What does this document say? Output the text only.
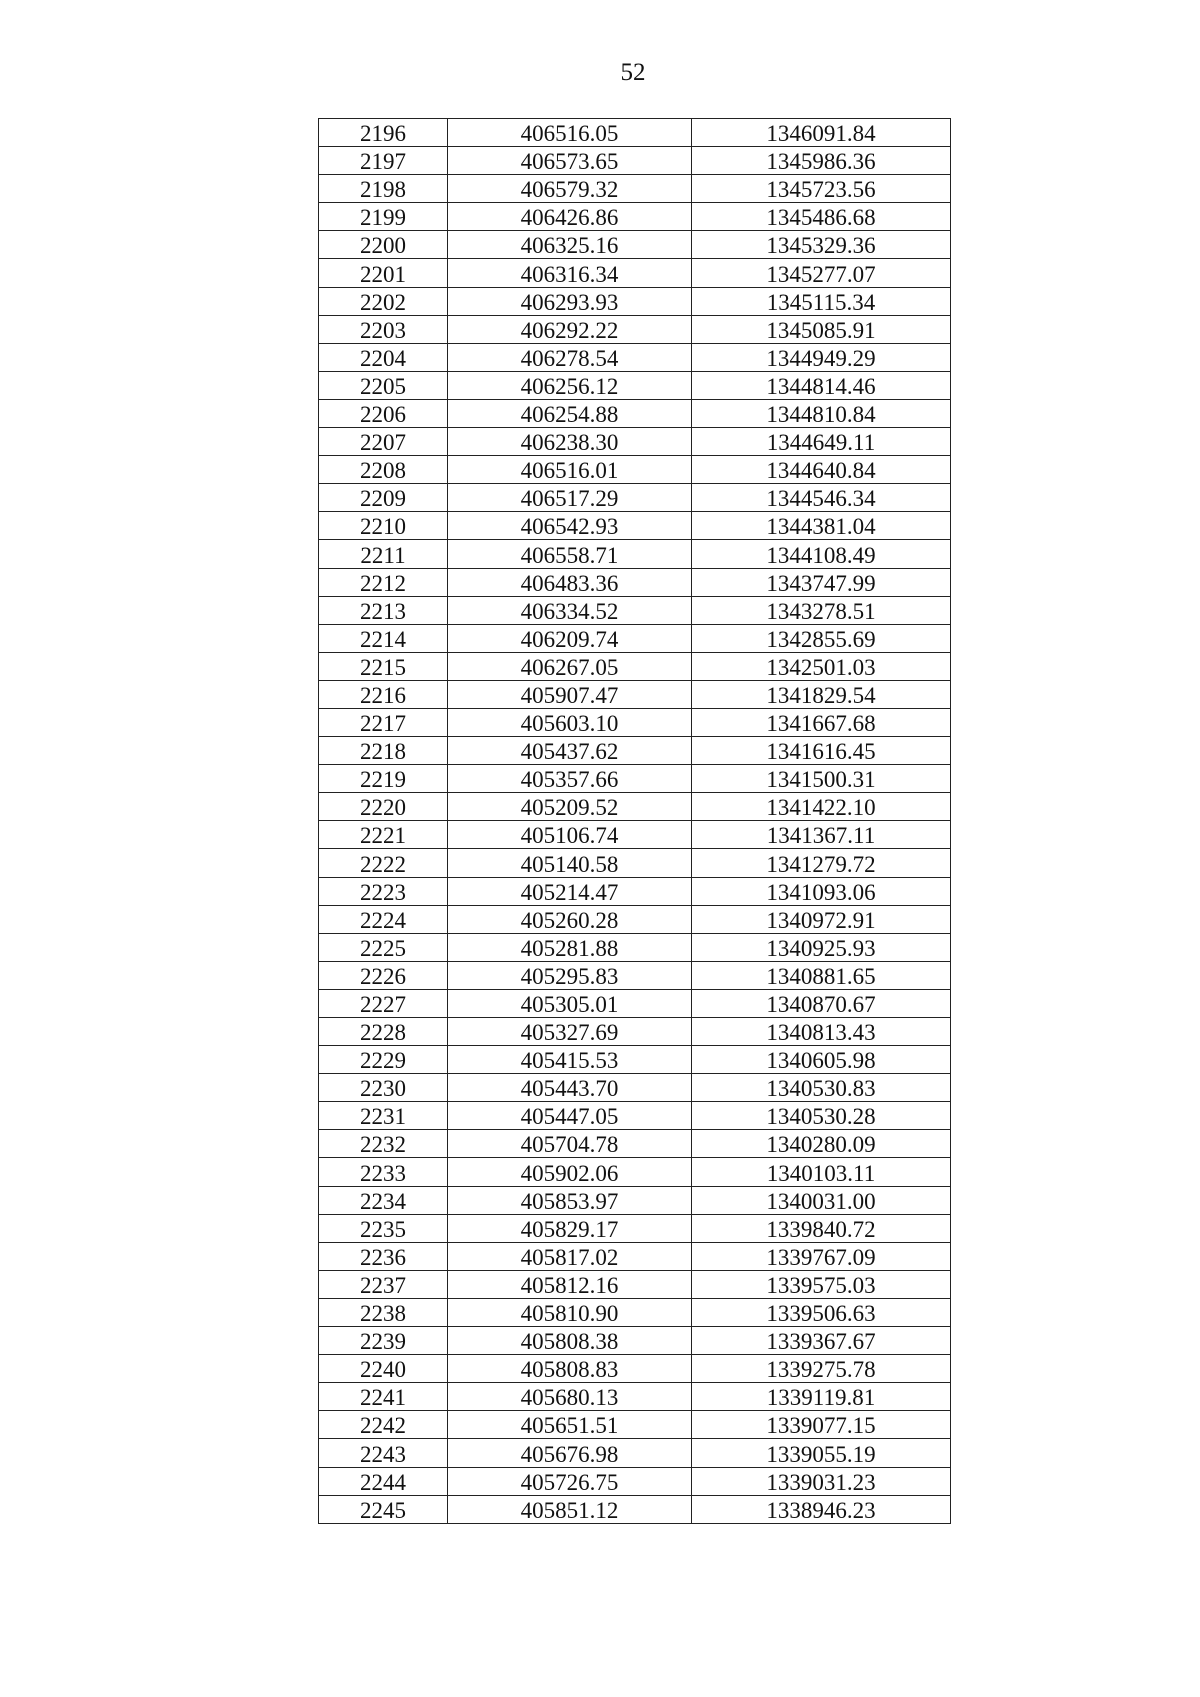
52
2196	406516.05	1346091.84
2197	406573.65	1345986.36
2198	406579.32	1345723.56
2199	406426.86	1345486.68
2200	406325.16	1345329.36
2201	406316.34	1345277.07
2202	406293.93	1345115.34
2203	406292.22	1345085.91
2204	406278.54	1344949.29
2205	406256.12	1344814.46
2206	406254.88	1344810.84
2207	406238.30	1344649.11
2208	406516.01	1344640.84
2209	406517.29	1344546.34
2210	406542.93	1344381.04
2211	406558.71	1344108.49
2212	406483.36	1343747.99
2213	406334.52	1343278.51
2214	406209.74	1342855.69
2215	406267.05	1342501.03
2216	405907.47	1341829.54
2217	405603.10	1341667.68
2218	405437.62	1341616.45
2219	405357.66	1341500.31
2220	405209.52	1341422.10
2221	405106.74	1341367.11
2222	405140.58	1341279.72
2223	405214.47	1341093.06
2224	405260.28	1340972.91
2225	405281.88	1340925.93
2226	405295.83	1340881.65
2227	405305.01	1340870.67
2228	405327.69	1340813.43
2229	405415.53	1340605.98
2230	405443.70	1340530.83
2231	405447.05	1340530.28
2232	405704.78	1340280.09
2233	405902.06	1340103.11
2234	405853.97	1340031.00
2235	405829.17	1339840.72
2236	405817.02	1339767.09
2237	405812.16	1339575.03
2238	405810.90	1339506.63
2239	405808.38	1339367.67
2240	405808.83	1339275.78
2241	405680.13	1339119.81
2242	405651.51	1339077.15
2243	405676.98	1339055.19
2244	405726.75	1339031.23
2245	405851.12	1338946.23
